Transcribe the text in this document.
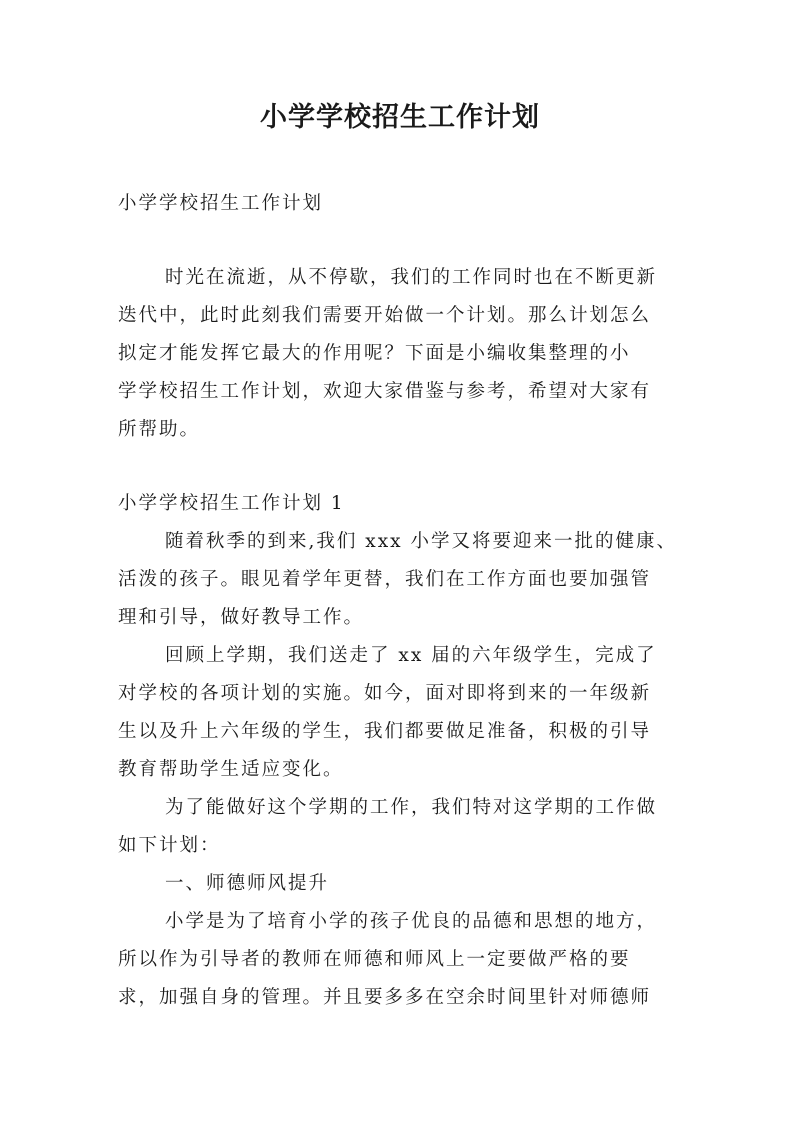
小学学校招生工作计划

小学学校招生工作计划

时光在流逝，从不停歇，我们的工作同时也在不断更新

迭代中，此时此刻我们需要开始做一个计划。那么计划怎么

拟定才能发挥它最大的作用呢？下面是小编收集整理的小

学学校招生工作计划，欢迎大家借鉴与参考，希望对大家有

所帮助。

小学学校招生工作计划 1

随着秋季的到来,我们 xxx 小学又将要迎来一批的健康、

活泼的孩子。眼见着学年更替，我们在工作方面也要加强管

理和引导，做好教导工作。

回顾上学期，我们送走了 xx 届的六年级学生，完成了

对学校的各项计划的实施。如今，面对即将到来的一年级新

生以及升上六年级的学生，我们都要做足准备，积极的引导

教育帮助学生适应变化。

为了能做好这个学期的工作，我们特对这学期的工作做

如下计划：

一、师德师风提升

小学是为了培育小学的孩子优良的品德和思想的地方，

所以作为引导者的教师在师德和师风上一定要做严格的要

求，加强自身的管理。并且要多多在空余时间里针对师德师
